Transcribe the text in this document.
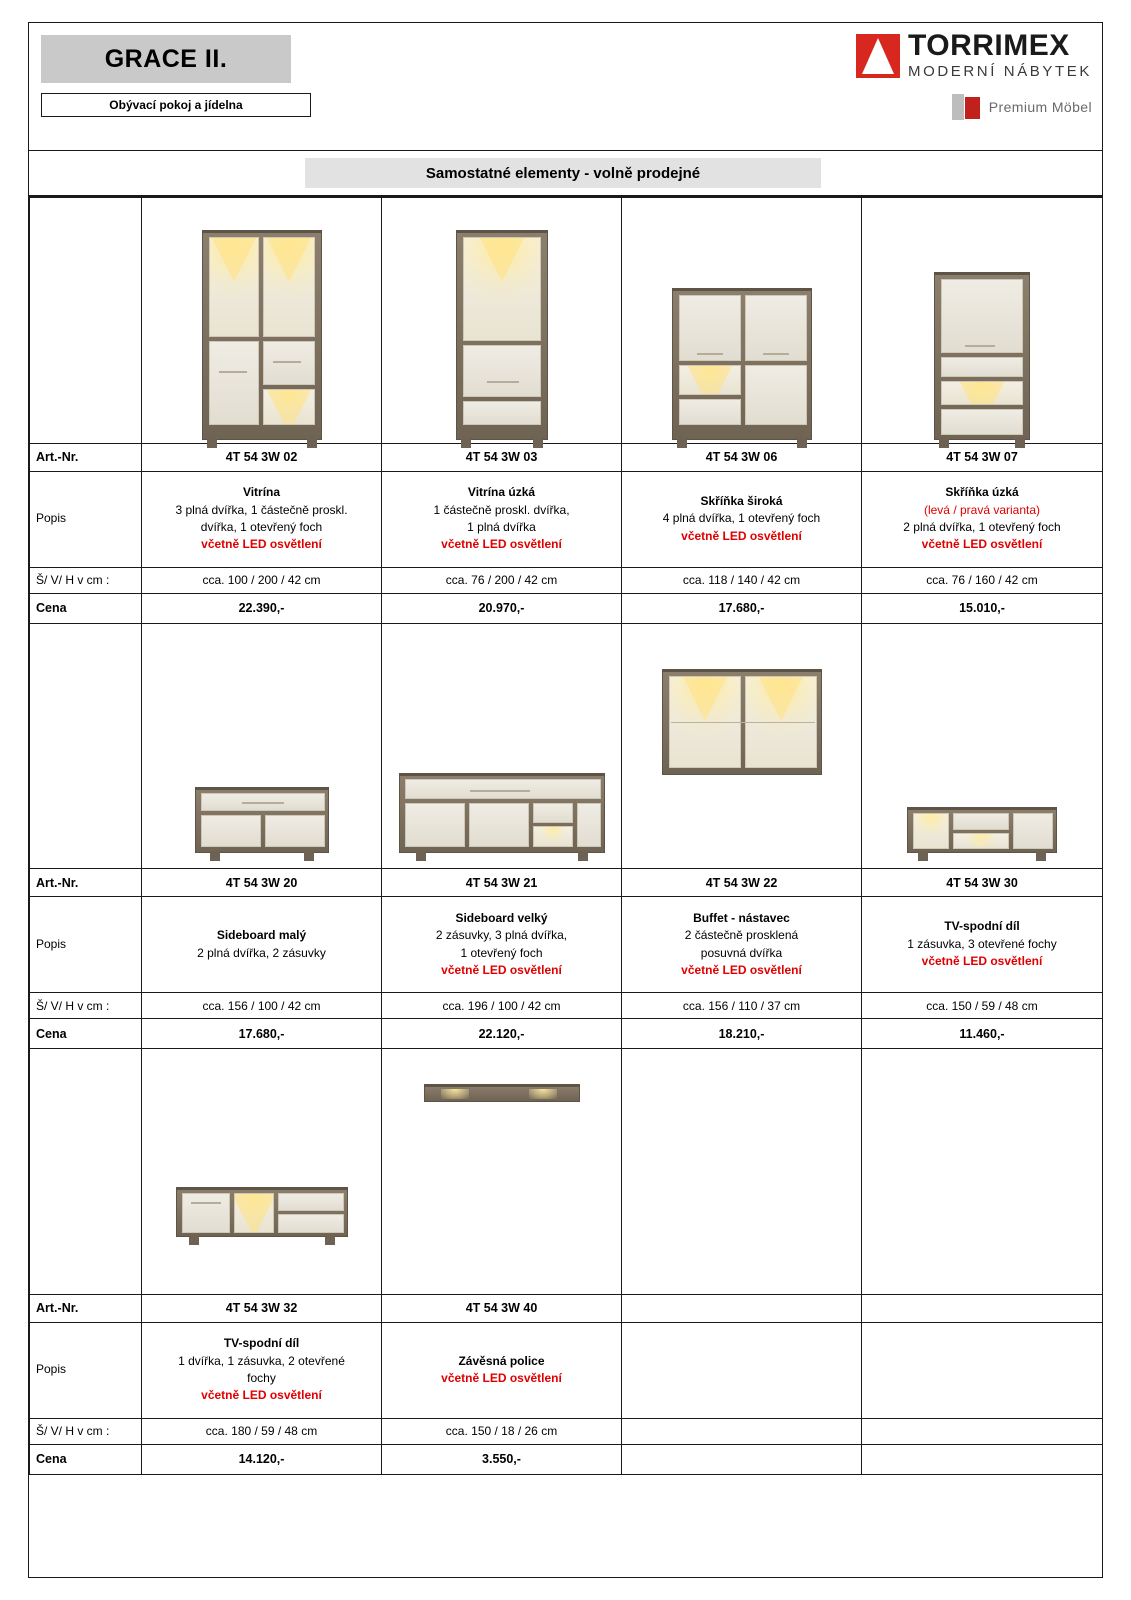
GRACE II.
Obývací pokoj a jídelna
TORRIMEX
MODERNÍ NÁBYTEK
Premium Möbel
Samostatné elementy - volně prodejné

Art.-Nr.	4T 54 3W 02	4T 54 3W 03	4T 54 3W 06	4T 54 3W 07
Popis	
Vitrína
3 plná dvířka, 1 částečně proskl.
dvířka, 1 otevřený foch
včetně LED osvětlení

Vitrína úzká
1 částečně proskl. dvířka,
1 plná dvířka
včetně LED osvětlení

Skříňka široká
4 plná dvířka, 1 otevřený foch
včetně LED osvětlení

Skříňka úzká
(levá / pravá varianta)
2 plná dvířka, 1 otevřený foch
včetně LED osvětlení

Š/ V/ H v cm :	cca. 100 / 200 / 42 cm	cca. 76 / 200 / 42 cm	cca. 118 / 140 / 42 cm	cca. 76 / 160 / 42 cm
Cena	22.390,-	20.970,-	17.680,-	15.010,-

Art.-Nr.	4T 54 3W 20	4T 54 3W 21	4T 54 3W 22	4T 54 3W 30
Popis	
Sideboard malý
2 plná dvířka, 2 zásuvky

Sideboard velký
2 zásuvky, 3 plná dvířka,
1 otevřený foch
včetně LED osvětlení

Buffet - nástavec
2 částečně prosklená
posuvná dvířka
včetně LED osvětlení

TV-spodní díl
1 zásuvka, 3 otevřené fochy
včetně LED osvětlení

Š/ V/ H v cm :	cca. 156 / 100 / 42 cm	cca. 196 / 100 / 42 cm	cca. 156 / 110 / 37 cm	cca. 150 / 59 / 48 cm
Cena	17.680,-	22.120,-	18.210,-	11.460,-

Art.-Nr.	4T 54 3W 32	4T 54 3W 40		
Popis	
TV-spodní díl
1 dvířka, 1 zásuvka, 2 otevřené
fochy
včetně LED osvětlení

Závěsná police
včetně LED osvětlení

Š/ V/ H v cm :	cca. 180 / 59 / 48 cm	cca. 150 / 18 / 26 cm		
Cena	14.120,-	3.550,-		
